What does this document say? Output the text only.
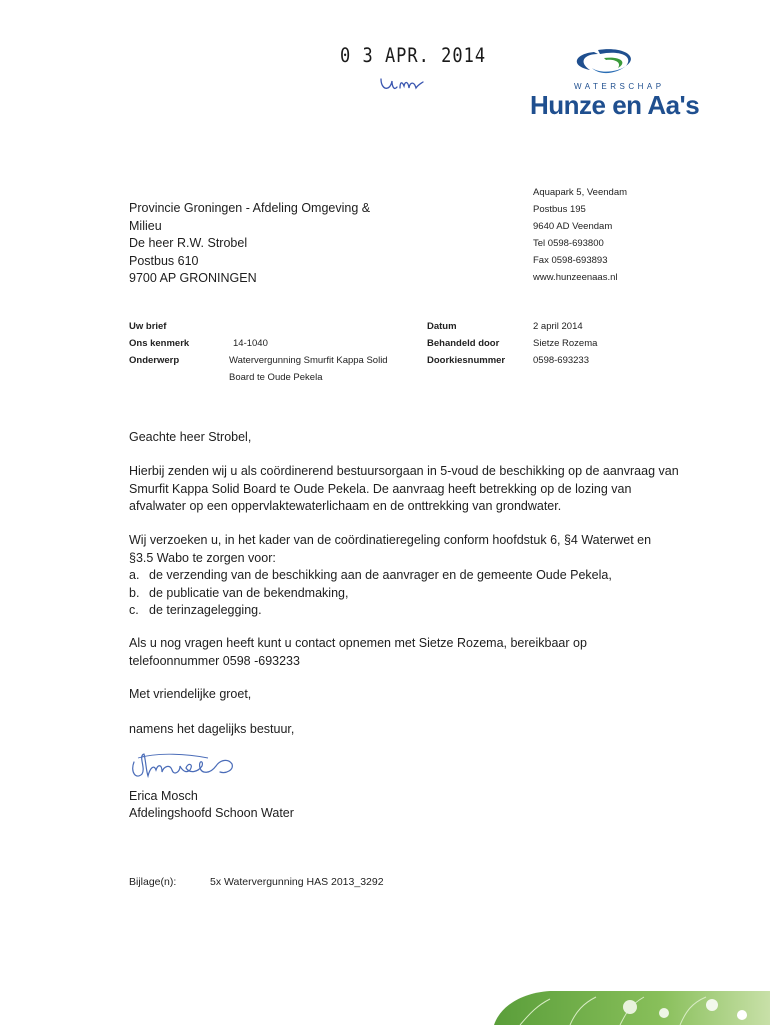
0 3 APR. 2014
WATERSCHAP
Hunze en Aa's
Aquapark 5, Veendam
Postbus 195
9640 AD Veendam
Tel 0598-693800
Fax 0598-693893
www.hunzeenaas.nl
Provincie Groningen - Afdeling Omgeving &
Milieu
De heer R.W. Strobel
Postbus 610
9700 AP GRONINGEN
Uw brief
Ons kenmerk	14-1040
Onderwerp	Watervergunning Smurfit Kappa Solid
Board te Oude Pekela
Datum	2 april 2014
Behandeld door	Sietze Rozema
Doorkiesnummer	0598-693233
Geachte heer Strobel,

Hierbij zenden wij u als coördinerend bestuursorgaan in 5-voud de beschikking op de aanvraag van Smurfit Kappa Solid Board te Oude Pekela. De aanvraag heeft betrekking op de lozing van afvalwater op een oppervlaktewaterlichaam en de onttrekking van grondwater.

Wij verzoeken u, in het kader van de coördinatieregeling conform hoofdstuk 6, §4 Waterwet en §3.5 Wabo te zorgen voor:

a. de verzending van de beschikking aan de aanvrager en de gemeente Oude Pekela,
b. de publicatie van de bekendmaking,
c. de terinzagelegging.

Als u nog vragen heeft kunt u contact opnemen met Sietze Rozema, bereikbaar op telefoonnummer 0598 -693233

Met vriendelijke groet,
namens het dagelijks bestuur,
Erica Mosch
Afdelingshoofd Schoon Water
Bijlage(n):	5x Watervergunning HAS 2013_3292
